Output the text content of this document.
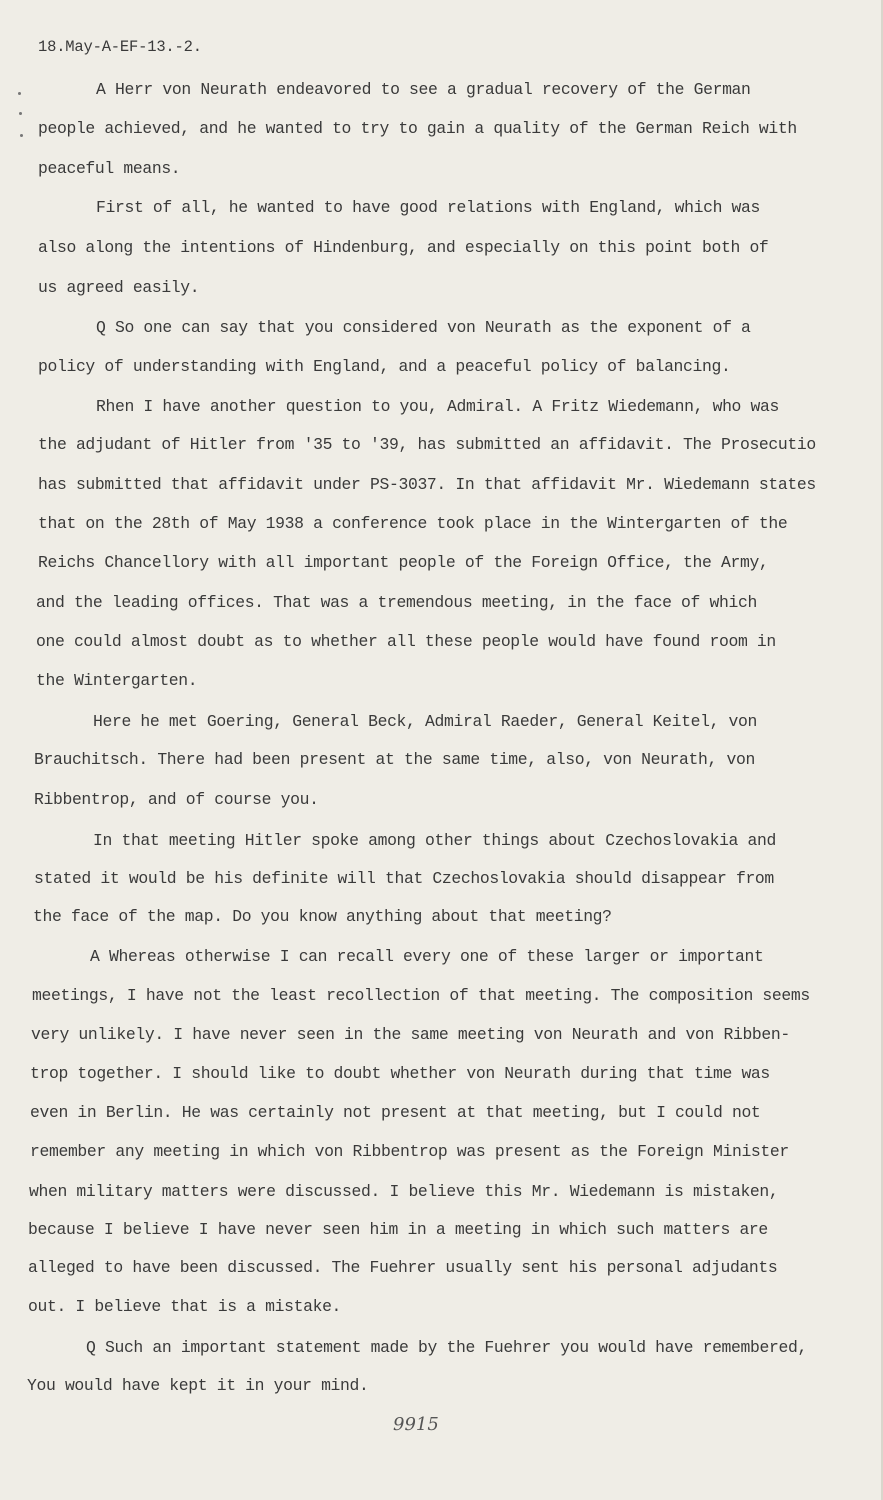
18.May-A-EF-13.-2.
A Herr von Neurath endeavored to see a gradual recovery of the German
people achieved, and he wanted to try to gain a quality of the German Reich with
peaceful means.
First of all, he wanted to have good relations with England, which was
also along the intentions of Hindenburg, and especially on this point both of
us agreed easily.
Q So one can say that you considered von Neurath as the exponent of a
policy of understanding with England, and a peaceful policy of balancing.
Rhen I have another question to you, Admiral. A Fritz Wiedemann, who was
the adjudant of Hitler from '35 to '39, has submitted an affidavit. The Prosecutio
has submitted that affidavit under PS-3037. In that affidavit Mr. Wiedemann states
that on the 28th of May 1938 a conference took place in the Wintergarten of the
Reichs Chancellory with all important people of the Foreign Office, the Army,
and the leading offices. That was a tremendous meeting, in the face of which
one could almost doubt as to whether all these people would have found room in
the Wintergarten.
Here he met Goering, General Beck, Admiral Raeder, General Keitel, von
Brauchitsch. There had been present at the same time, also, von Neurath, von
Ribbentrop, and of course you.
In that meeting Hitler spoke among other things about Czechoslovakia and
stated it would be his definite will that Czechoslovakia should disappear from
the face of the map. Do you know anything about that meeting?
A Whereas otherwise I can recall every one of these larger or important
meetings, I have not the least recollection of that meeting. The composition seems
very unlikely. I have never seen in the same meeting von Neurath and von Ribben-
trop together. I should like to doubt whether von Neurath during that time was
even in Berlin. He was certainly not present at that meeting, but I could not
remember any meeting in which von Ribbentrop was present as the Foreign Minister
when military matters were discussed. I believe this Mr. Wiedemann is mistaken,
because I believe I have never seen him in a meeting in which such matters are
alleged to have been discussed. The Fuehrer usually sent his personal adjudants
out. I believe that is a mistake.
Q Such an important statement made by the Fuehrer you would have remembered,
You would have kept it in your mind.
9915
